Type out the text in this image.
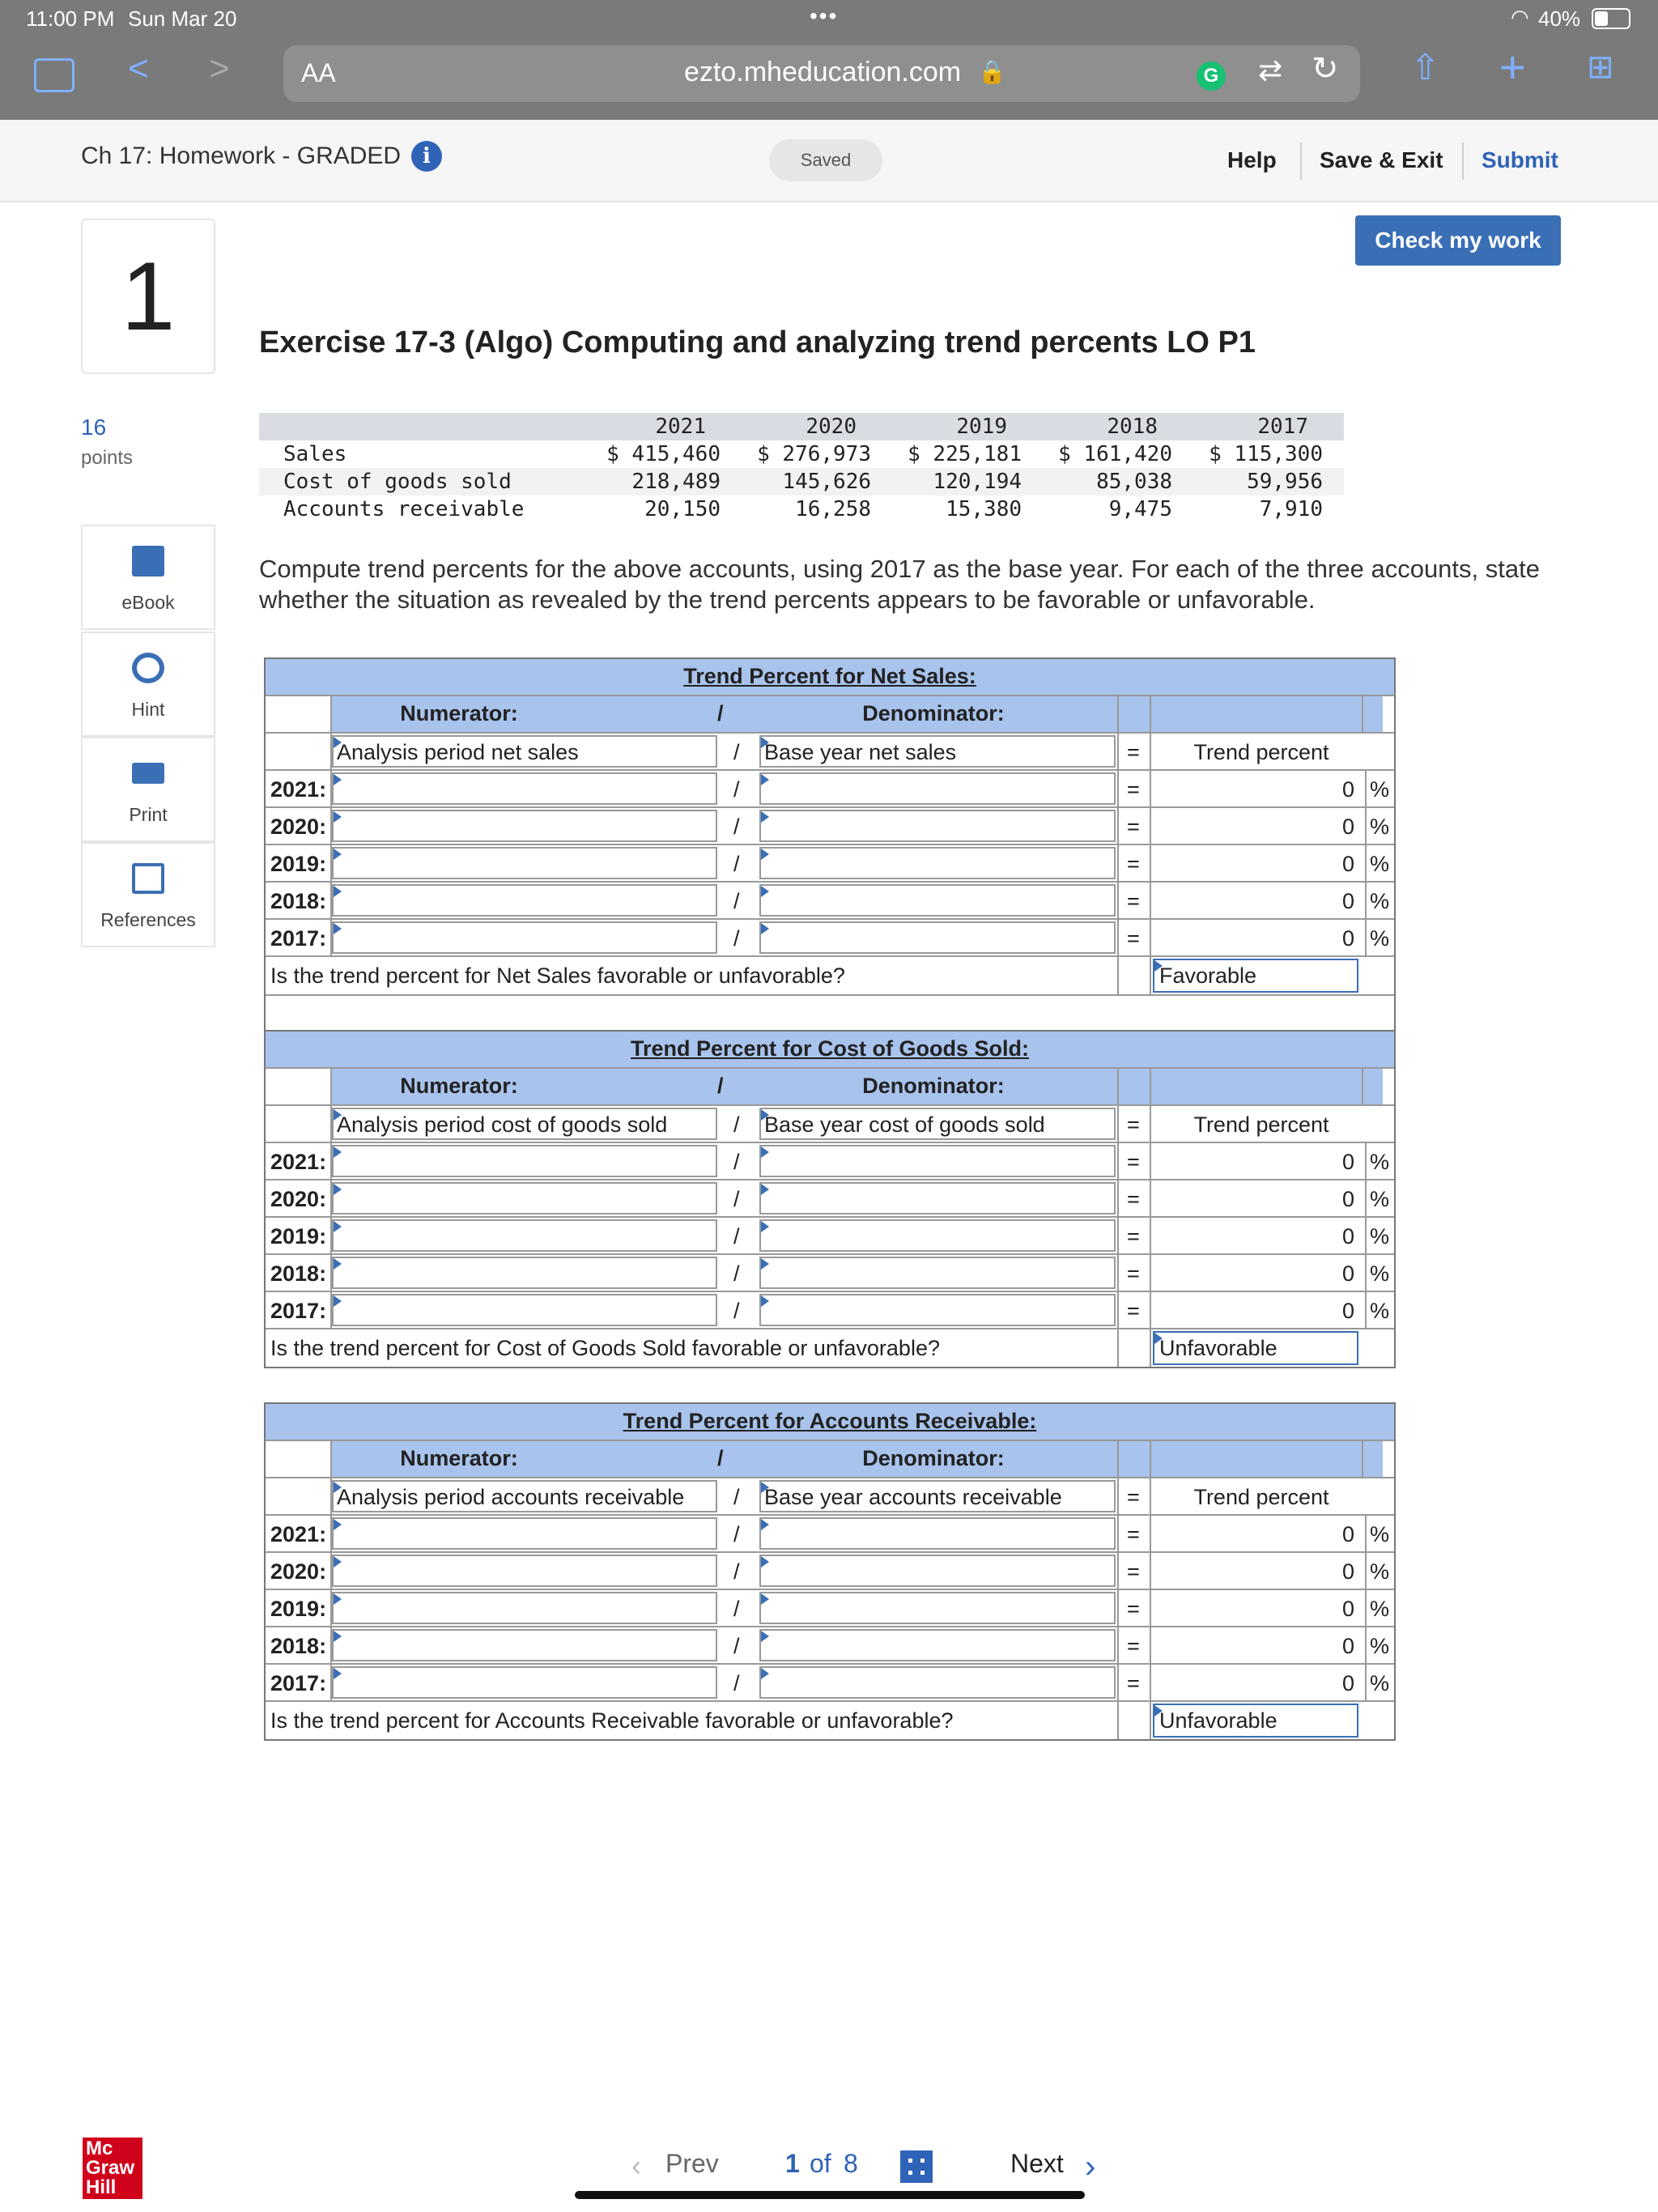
11:00 PM Sun Mar 20	•••	◠ 40%
< >	AA	ezto.mheducation.com 🔒	G ⇄ ↻ ⇧ + ⊞
Ch 17: Homework - GRADED	i	Saved	Help Save & Exit Submit
Check my work
1
16
points
eBook
Hint
Print
References
Exercise 17-3 (Algo) Computing and analyzing trend percents LO P1
2021	2020	2019	2018	2017
Sales	$ 415,460 $ 276,973 $ 225,181 $ 161,420 $ 115,300
Cost of goods sold	218,489	145,626	120,194	85,038	59,956
Accounts receivable	20,150	16,258	15,380	9,475	7,910
Compute trend percents for the above accounts, using 2017 as the base year. For each of the three accounts, state whether the situation as revealed by the trend percents appears to be favorable or unfavorable.
Trend Percent for Net Sales:
Numerator:	/	Denominator:
Analysis period net sales	/ Base year net sales	=	Trend percent
2021:	/	=	0 %
2020:	/	=	0 %
2019:	/	=	0 %
2018:	/	=	0 %
2017:	/	=	0 %
Is the trend percent for Net Sales favorable or unfavorable?	Favorable
Trend Percent for Cost of Goods Sold:
Numerator:	/	Denominator:
Analysis period cost of goods sold	/ Base year cost of goods sold	=	Trend percent
2021:	/	=	0 %
2020:	/	=	0 %
2019:	/	=	0 %
2018:	/	=	0 %
2017:	/	=	0 %
Is the trend percent for Cost of Goods Sold favorable or unfavorable?	Unfavorable
Trend Percent for Accounts Receivable:
Numerator:	/	Denominator:
Analysis period accounts receivable / Base year accounts receivable	=	Trend percent
2021:	/	=	0 %
2020:	/	=	0 %
2019:	/	=	0 %
2018:	/	=	0 %
2017:	/	=	0 %
Is the trend percent for Accounts Receivable favorable or unfavorable?	Unfavorable
Mc Graw Hill
‹ Prev	1 of 8	Next ›
